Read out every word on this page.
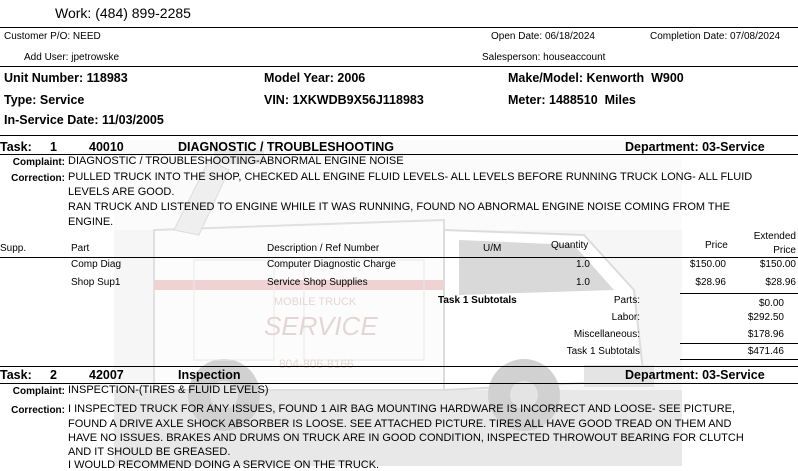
MOBILE TRUCK
SERVICE
804-806-8166
Work: (484) 899-2285
Customer P/O: NEED	Open Date: 06/18/2024	Completion Date: 07/08/2024
Add User: jpetrowske	Salesperson: houseaccount
Unit Number: 118983	Model Year: 2006	Make/Model: Kenworth  W900
Type: Service	VIN: 1XKWDB9X56J118983	Meter: 1488510  Miles
In-Service Date: 11/03/2005
Task: 1	40010	DIAGNOSTIC / TROUBLESHOOTING	Department: 03-Service
Complaint: DIAGNOSTIC / TROUBLESHOOTING-ABNORMAL ENGINE NOISE
Correction: PULLED TRUCK INTO THE SHOP, CHECKED ALL ENGINE FLUID LEVELS- ALL LEVELS BEFORE RUNNING TRUCK LONG- ALL FLUID
LEVELS ARE GOOD.
RAN TRUCK AND LISTENED TO ENGINE WHILE IT WAS RUNNING, FOUND NO ABNORMAL ENGINE NOISE COMING FROM THE
ENGINE.
Supp.	Part	Description / Ref Number	U/M	Quantity	Price
Extended
Price
Comp Diag	Computer Diagnostic Charge	1.0	$150.00	$150.00
Shop Sup1	Service Shop Supplies	1.0	$28.96	$28.96
Task 1 Subtotals	Parts:	$0.00
Labor:	$292.50
Miscellaneous:	$178.96
Task 1 Subtotals	$471.46
Task: 2	42007	Inspection	Department: 03-Service
Complaint: INSPECTION-(TIRES & FLUID LEVELS)
Correction: I INSPECTED TRUCK FOR ANY ISSUES, FOUND 1 AIR BAG MOUNTING HARDWARE IS INCORRECT AND LOOSE- SEE PICTURE,
FOUND A DRIVE AXLE SHOCK ABSORBER IS LOOSE. SEE ATTACHED PICTURE. TIRES ALL HAVE GOOD TREAD ON THEM AND
HAVE NO ISSUES. BRAKES AND DRUMS ON TRUCK ARE IN GOOD CONDITION, INSPECTED THROWOUT BEARING FOR CLUTCH
AND IT SHOULD BE GREASED.
I WOULD RECOMMEND DOING A SERVICE ON THE TRUCK.
